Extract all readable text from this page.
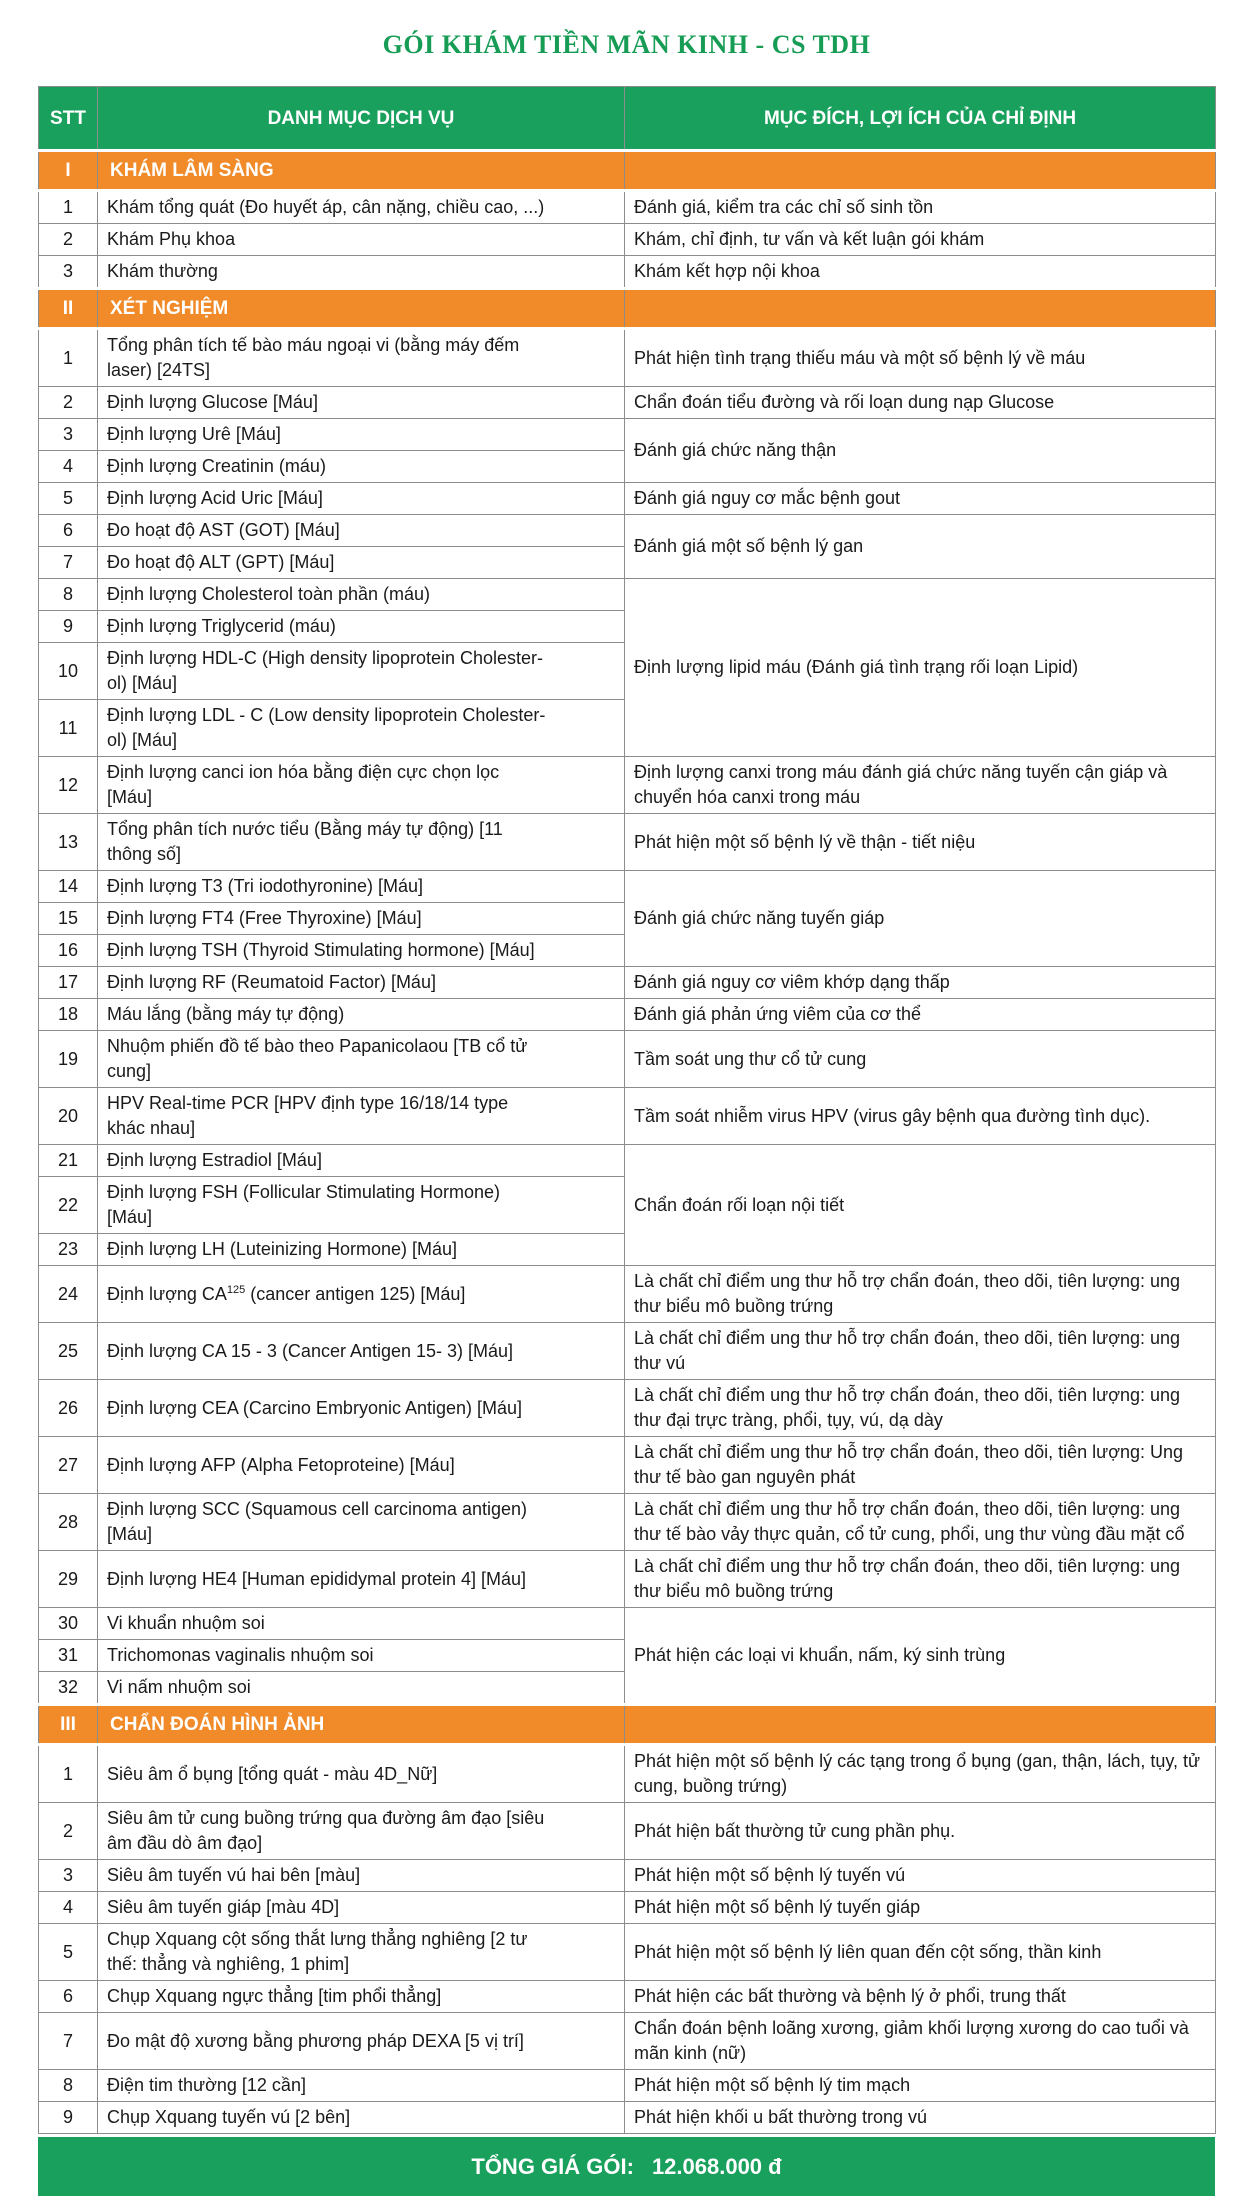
GÓI KHÁM TIỀN MÃN KINH - CS TDH
STT	DANH MỤC DỊCH VỤ	MỤC ĐÍCH, LỢI ÍCH CỦA CHỈ ĐỊNH
I	KHÁM LÂM SÀNG	
1	Khám tổng quát (Đo huyết áp, cân nặng, chiều cao, ...)	Đánh giá, kiểm tra các chỉ số sinh tồn
2	Khám Phụ khoa	Khám, chỉ định, tư vấn và kết luận gói khám
3	Khám thường	Khám kết hợp nội khoa
II	XÉT NGHIỆM	
1	Tổng phân tích tế bào máu ngoại vi (bằng máy đếm
laser) [24TS]	Phát hiện tình trạng thiếu máu và một số bệnh lý về máu
2	Định lượng Glucose [Máu]	Chẩn đoán tiểu đường và rối loạn dung nạp Glucose
3	Định lượng Urê [Máu]	Đánh giá chức năng thận
4	Định lượng Creatinin (máu)	
5	Định lượng Acid Uric [Máu]	Đánh giá nguy cơ mắc bệnh gout
6	Đo hoạt độ AST (GOT) [Máu]	Đánh giá một số bệnh lý gan
7	Đo hoạt độ ALT (GPT) [Máu]	
8	Định lượng Cholesterol toàn phần (máu)	Định lượng lipid máu (Đánh giá tình trạng rối loạn Lipid)
9	Định lượng Triglycerid (máu)	
10	Định lượng HDL-C (High density lipoprotein Cholester-
ol) [Máu]	
11	Định lượng LDL - C (Low density lipoprotein Cholester-
ol) [Máu]	
12	Định lượng canci ion hóa bằng điện cực chọn lọc
[Máu]	Định lượng canxi trong máu đánh giá chức năng tuyến cận giáp và chuyển hóa canxi trong máu
13	Tổng phân tích nước tiểu (Bằng máy tự động) [11
thông số]	Phát hiện một số bệnh lý về thận - tiết niệu
14	Định lượng T3 (Tri iodothyronine) [Máu]	Đánh giá chức năng tuyến giáp
15	Định lượng FT4 (Free Thyroxine) [Máu]	
16	Định lượng TSH (Thyroid Stimulating hormone) [Máu]	
17	Định lượng RF (Reumatoid Factor) [Máu]	Đánh giá nguy cơ viêm khớp dạng thấp
18	Máu lắng (bằng máy tự động)	Đánh giá phản ứng viêm của cơ thể
19	Nhuộm phiến đồ tế bào theo Papanicolaou [TB cổ tử
cung]	Tầm soát ung thư cổ tử cung
20	HPV Real-time PCR [HPV định type 16/18/14 type
khác nhau]	Tầm soát nhiễm virus HPV (virus gây bệnh qua đường tình dục).
21	Định lượng Estradiol [Máu]	Chẩn đoán rối loạn nội tiết
22	Định lượng FSH (Follicular Stimulating Hormone)
[Máu]	
23	Định lượng LH (Luteinizing Hormone) [Máu]	
24	Định lượng CA$^{125}$ (cancer antigen 125) [Máu]	Là chất chỉ điểm ung thư hỗ trợ chẩn đoán, theo dõi, tiên lượng: ung thư biểu mô buồng trứng
25	Định lượng CA 15 - 3 (Cancer Antigen 15- 3) [Máu]	Là chất chỉ điểm ung thư hỗ trợ chẩn đoán, theo dõi, tiên lượng: ung thư vú
26	Định lượng CEA (Carcino Embryonic Antigen) [Máu]	Là chất chỉ điểm ung thư hỗ trợ chẩn đoán, theo dõi, tiên lượng: ung thư đại trực tràng, phổi, tụy, vú, dạ dày
27	Định lượng AFP (Alpha Fetoproteine) [Máu]	Là chất chỉ điểm ung thư hỗ trợ chẩn đoán, theo dõi, tiên lượng: Ung thư tế bào gan nguyên phát
28	Định lượng SCC (Squamous cell carcinoma antigen)
[Máu]	Là chất chỉ điểm ung thư hỗ trợ chẩn đoán, theo dõi, tiên lượng: ung thư tế bào vảy thực quản, cổ tử cung, phổi, ung thư vùng đầu mặt cổ
29	Định lượng HE4 [Human epididymal protein 4] [Máu]	Là chất chỉ điểm ung thư hỗ trợ chẩn đoán, theo dõi, tiên lượng: ung thư biểu mô buồng trứng
30	Vi khuẩn nhuộm soi	Phát hiện các loại vi khuẩn, nấm, ký sinh trùng
31	Trichomonas vaginalis nhuộm soi	
32	Vi nấm nhuộm soi	
III	CHẨN ĐOÁN HÌNH ẢNH	
1	Siêu âm ổ bụng [tổng quát - màu 4D_Nữ]	Phát hiện một số bệnh lý các tạng trong ổ bụng (gan, thận, lách, tụy, tử cung, buồng trứng)
2	Siêu âm tử cung buồng trứng qua đường âm đạo [siêu
âm đầu dò âm đạo]	Phát hiện bất thường tử cung phần phụ.
3	Siêu âm tuyến vú hai bên [màu]	Phát hiện một số bệnh lý tuyến vú
4	Siêu âm tuyến giáp [màu 4D]	Phát hiện một số bệnh lý tuyến giáp
5	Chụp Xquang cột sống thắt lưng thẳng nghiêng [2 tư
thế: thẳng và nghiêng, 1 phim]	Phát hiện một số bệnh lý liên quan đến cột sống, thần kinh
6	Chụp Xquang ngực thẳng [tim phổi thẳng]	Phát hiện các bất thường và bệnh lý ở phổi, trung thất
7	Đo mật độ xương bằng phương pháp DEXA [5 vị trí]	Chẩn đoán bệnh loãng xương, giảm khối lượng xương do cao tuổi và mãn kinh (nữ)
8	Điện tim thường [12 cần]	Phát hiện một số bệnh lý tim mạch
9	Chụp Xquang tuyến vú [2 bên]	Phát hiện khối u bất thường trong vú
TỔNG GIÁ GÓI: 12.068.000 đ
